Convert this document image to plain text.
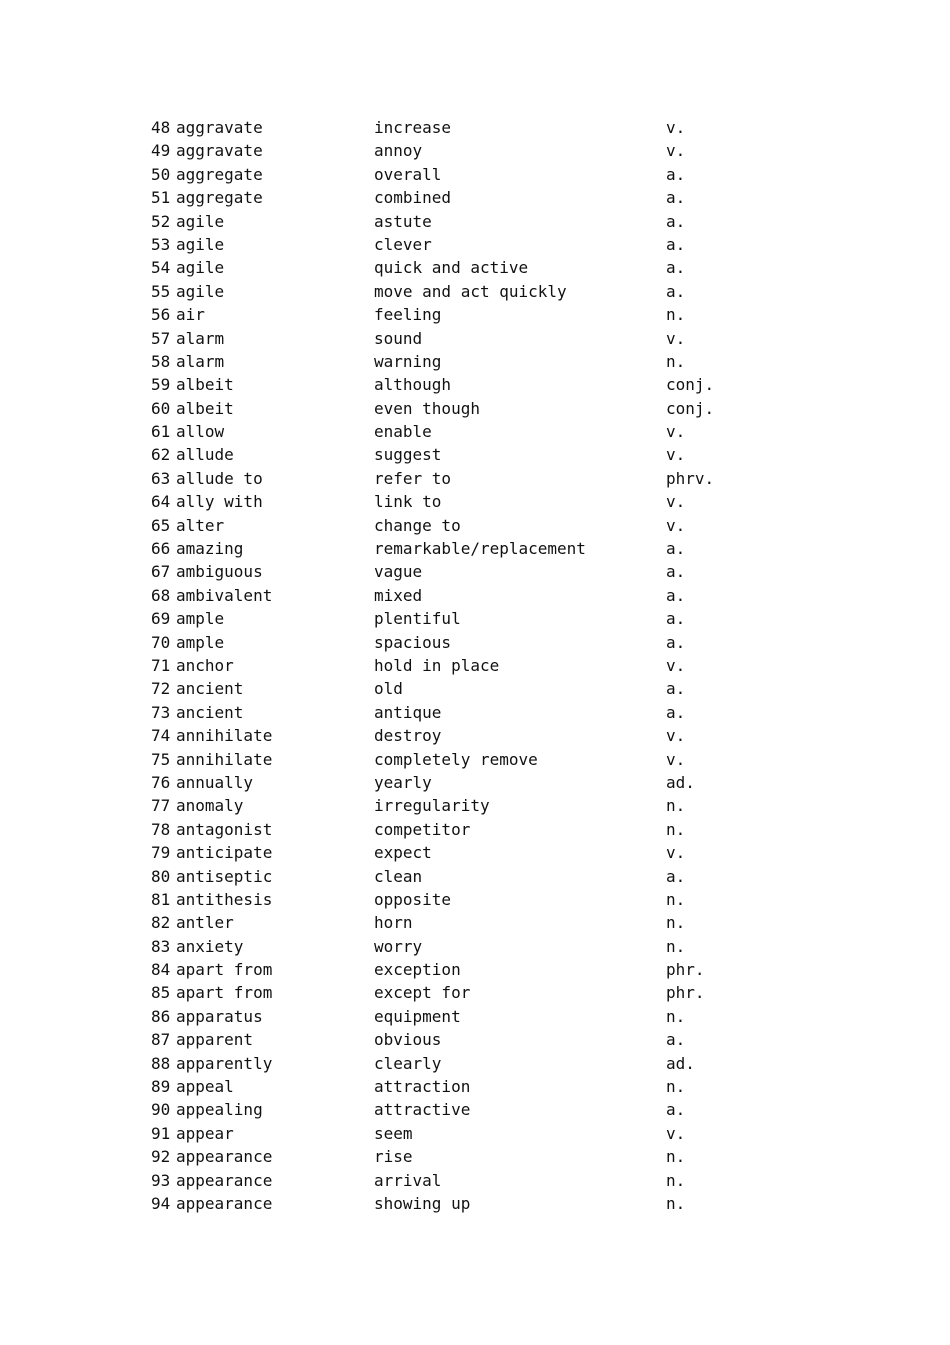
48 aggravate	increase	v.
49 aggravate	annoy	v.
50 aggregate	overall	a.
51 aggregate	combined	a.
52 agile	astute	a.
53 agile	clever	a.
54 agile	quick and active	a.
55 agile	move and act quickly	a.
56 air	feeling	n.
57 alarm	sound	v.
58 alarm	warning	n.
59 albeit	although	conj.
60 albeit	even though	conj.
61 allow	enable	v.
62 allude	suggest	v.
63 allude to	refer to	phrv.
64 ally with	link to	v.
65 alter	change to	v.
66 amazing	remarkable/replacement	a.
67 ambiguous	vague	a.
68 ambivalent	mixed	a.
69 ample	plentiful	a.
70 ample	spacious	a.
71 anchor	hold in place	v.
72 ancient	old	a.
73 ancient	antique	a.
74 annihilate	destroy	v.
75 annihilate	completely remove	v.
76 annually	yearly	ad.
77 anomaly	irregularity	n.
78 antagonist	competitor	n.
79 anticipate	expect	v.
80 antiseptic	clean	a.
81 antithesis	opposite	n.
82 antler	horn	n.
83 anxiety	worry	n.
84 apart from	exception	phr.
85 apart from	except for	phr.
86 apparatus	equipment	n.
87 apparent	obvious	a.
88 apparently	clearly	ad.
89 appeal	attraction	n.
90 appealing	attractive	a.
91 appear	seem	v.
92 appearance	rise	n.
93 appearance	arrival	n.
94 appearance	showing up	n.
